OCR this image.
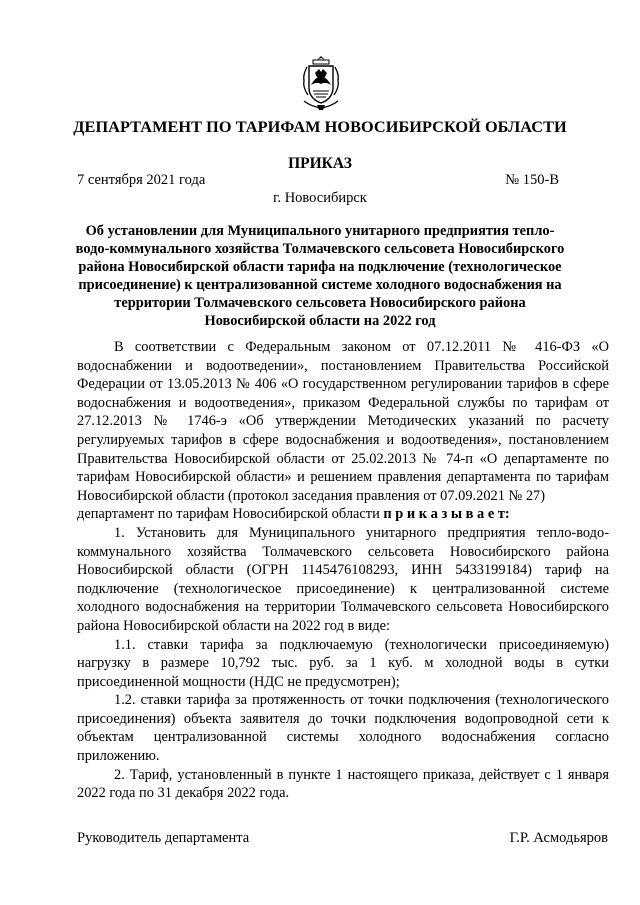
ДЕПАРТАМЕНТ ПО ТАРИФАМ НОВОСИБИРСКОЙ ОБЛАСТИ
ПРИКАЗ
7 сентября 2021 года	№ 150-В
г. Новосибирск
Об установлении для Муниципального унитарного предприятия тепло-водо-коммунального хозяйства Толмачевского сельсовета Новосибирского района Новосибирской области тарифа на подключение (технологическое присоединение) к централизованной системе холодного водоснабжения на территории Толмачевского сельсовета Новосибирского района Новосибирской области на 2022 год

В соответствии с Федеральным законом от 07.12.2011 № 416-ФЗ «О водоснабжении и водоотведении», постановлением Правительства Российской Федерации от 13.05.2013 № 406 «О государственном регулировании тарифов в сфере водоснабжения и водоотведения», приказом Федеральной службы по тарифам от 27.12.2013 № 1746-э «Об утверждении Методических указаний по расчету регулируемых тарифов в сфере водоснабжения и водоотведения», постановлением Правительства Новосибирской области от 25.02.2013 № 74-п «О департаменте по тарифам Новосибирской области» и решением правления департамента по тарифам Новосибирской области (протокол заседания правления от 07.09.2021 № 27)

департамент по тарифам Новосибирской области п р и к а з ы в а е т:

1. Установить для Муниципального унитарного предприятия тепло-водо-коммунального хозяйства Толмачевского сельсовета Новосибирского района Новосибирской области (ОГРН 1145476108293, ИНН 5433199184) тариф на подключение (технологическое присоединение) к централизованной системе холодного водоснабжения на территории Толмачевского сельсовета Новосибирского района Новосибирской области на 2022 год в виде:

1.1. ставки тарифа за подключаемую (технологически присоединяемую) нагрузку в размере 10,792 тыс. руб. за 1 куб. м холодной воды в сутки присоединенной мощности (НДС не предусмотрен);

1.2. ставки тарифа за протяженность от точки подключения (технологического присоединения) объекта заявителя до точки подключения водопроводной сети к объектам централизованной системы холодного водоснабжения согласно приложению.

2. Тариф, установленный в пункте 1 настоящего приказа, действует с 1 января 2022 года по 31 декабря 2022 года.

Руководитель департамента	Г.Р. Асмодьяров
